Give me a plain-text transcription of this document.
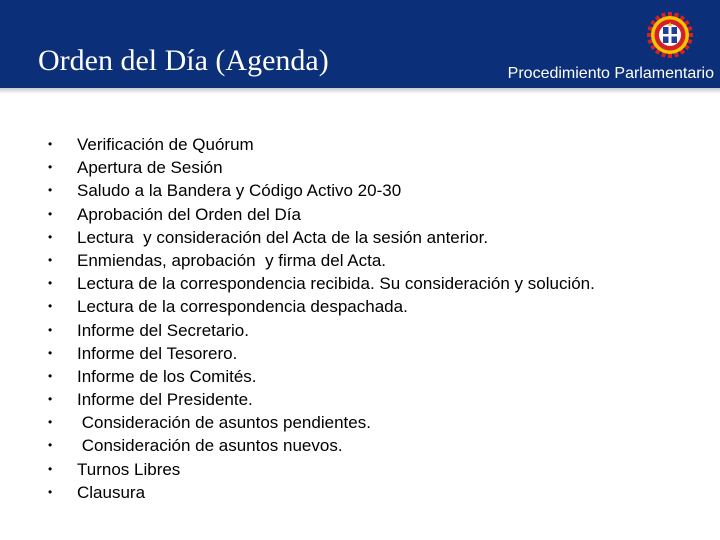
Orden del Día (Agenda)	Procedimiento Parlamentario
•	Verificación de Quórum
•	Apertura de Sesión
•	Saludo a la Bandera y Código Activo 20-30
•	Aprobación del Orden del Día
•	Lectura  y consideración del Acta de la sesión anterior.
•	Enmiendas, aprobación  y firma del Acta.
•	Lectura de la correspondencia recibida. Su consideración y solución.
•	Lectura de la correspondencia despachada.
•	Informe del Secretario.
•	Informe del Tesorero.
•	Informe de los Comités.
•	Informe del Presidente.
•	Consideración de asuntos pendientes.
•	Consideración de asuntos nuevos.
•	Turnos Libres
•	Clausura
